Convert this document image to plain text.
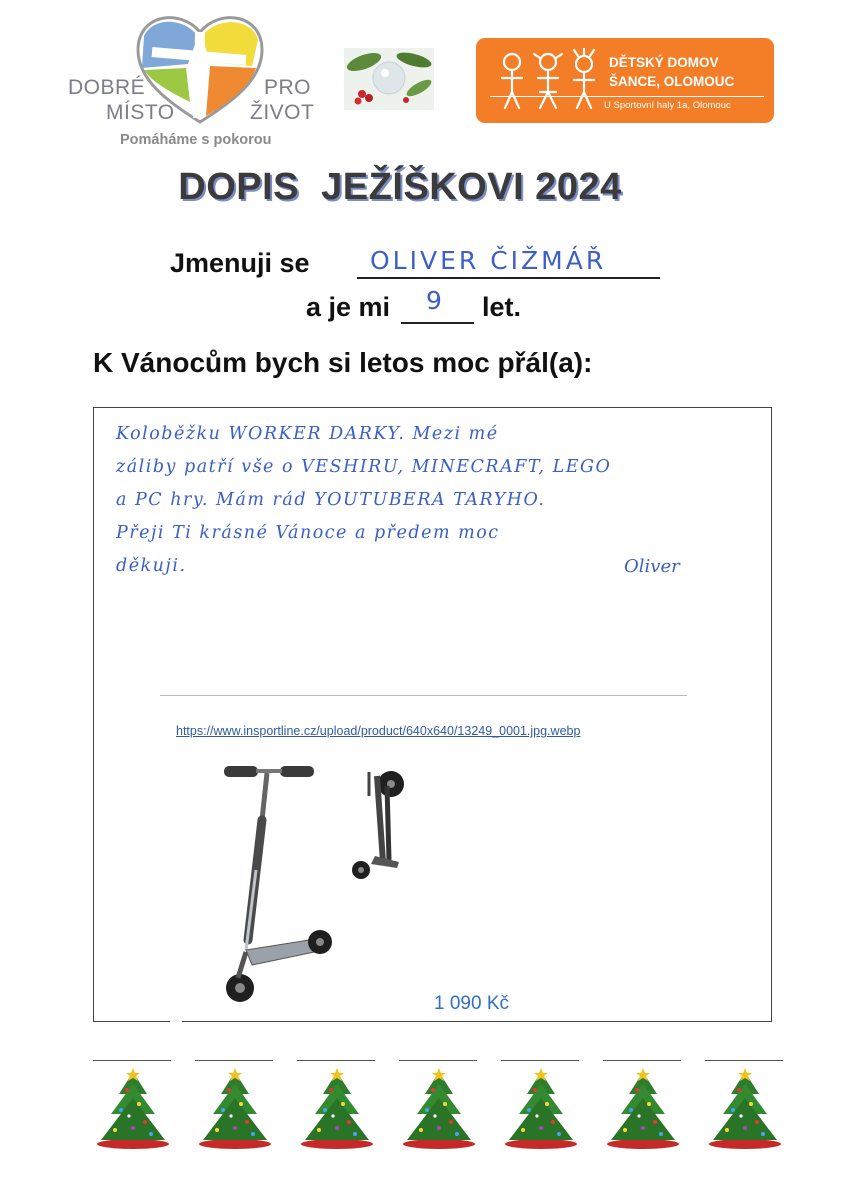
DOBRÉ
MÍSTO
PRO
ŽIVOT
Pomáháme s pokorou
DĚTSKÝ DOMOV
ŠANCE, OLOMOUC
U Sportovní haly 1a, Olomouc
DOPIS  JEŽÍŠKOVI 2024
Jmenuji se OLIVER ČIŽMÁŘ
a je mi 9 let.
K Vánocům bych si letos moc přál(a):
Koloběžku WORKER DARKY. Mezi mé
záliby patří vše o VESHIRU, MINECRAFT, LEGO
a PC hry. Mám rád YOUTUBERA TARYHO.
Přeji Ti krásné Vánoce a předem moc
děkuji.	Oliver
https://www.insportline.cz/upload/product/640x640/13249_0001.jpg.webp
1 090 Kč
